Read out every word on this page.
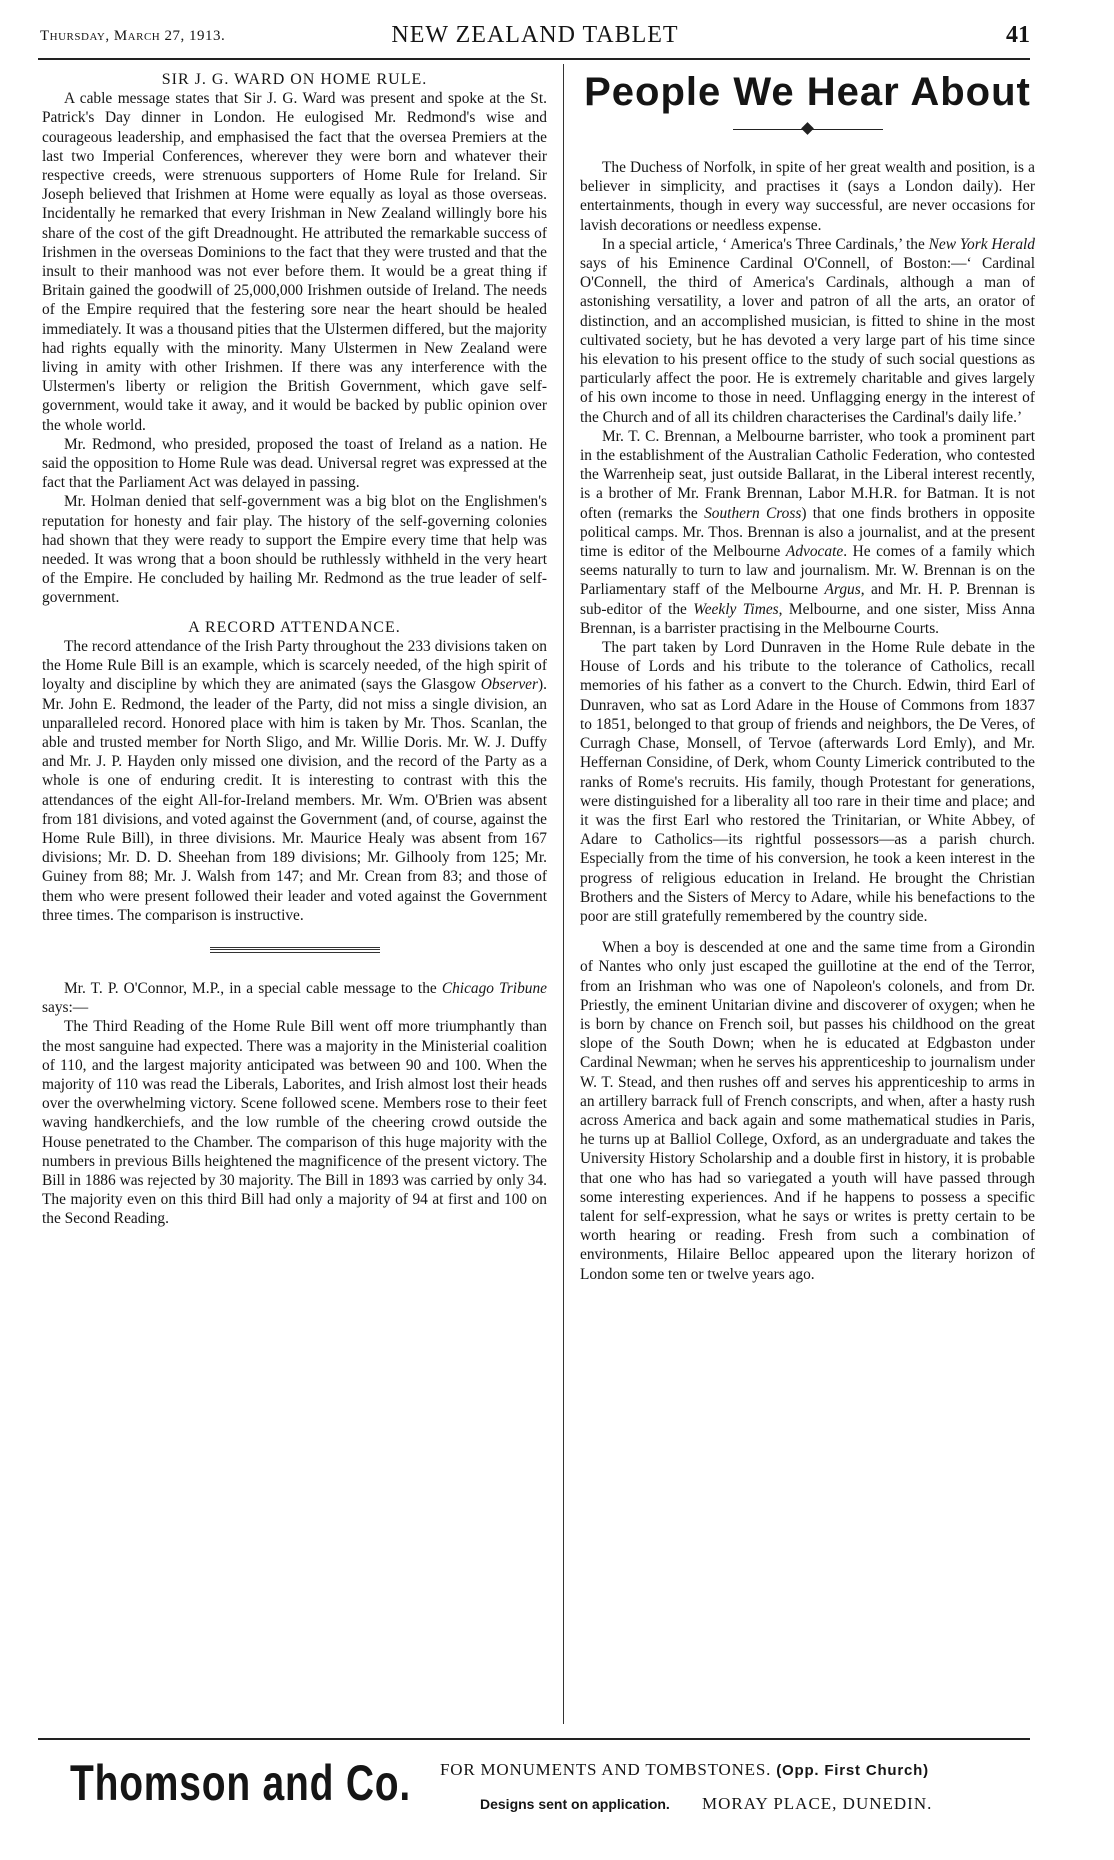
Thursday, March 27, 1913.	NEW ZEALAND TABLET	41

SIR J. G. WARD ON HOME RULE.

A cable message states that Sir J. G. Ward was present and spoke at the St. Patrick's Day dinner in London. He eulogised Mr. Redmond's wise and courageous leadership, and emphasised the fact that the oversea Premiers at the last two Imperial Conferences, wherever they were born and whatever their respective creeds, were strenuous supporters of Home Rule for Ireland. Sir Joseph believed that Irishmen at Home were equally as loyal as those overseas. Incidentally he remarked that every Irishman in New Zealand willingly bore his share of the cost of the gift Dreadnought. He attributed the remarkable success of Irishmen in the overseas Dominions to the fact that they were trusted and that the insult to their manhood was not ever before them. It would be a great thing if Britain gained the goodwill of 25,000,000 Irishmen outside of Ireland. The needs of the Empire required that the festering sore near the heart should be healed immediately. It was a thousand pities that the Ulstermen differed, but the majority had rights equally with the minority. Many Ulstermen in New Zealand were living in amity with other Irishmen. If there was any interference with the Ulstermen's liberty or religion the British Government, which gave self-government, would take it away, and it would be backed by public opinion over the whole world.

Mr. Redmond, who presided, proposed the toast of Ireland as a nation. He said the opposition to Home Rule was dead. Universal regret was expressed at the fact that the Parliament Act was delayed in passing.

Mr. Holman denied that self-government was a big blot on the Englishmen's reputation for honesty and fair play. The history of the self-governing colonies had shown that they were ready to support the Empire every time that help was needed. It was wrong that a boon should be ruthlessly withheld in the very heart of the Empire. He concluded by hailing Mr. Redmond as the true leader of self-government.

A RECORD ATTENDANCE.

The record attendance of the Irish Party throughout the 233 divisions taken on the Home Rule Bill is an example, which is scarcely needed, of the high spirit of loyalty and discipline by which they are animated (says the Glasgow Observer). Mr. John E. Redmond, the leader of the Party, did not miss a single division, an unparalleled record. Honored place with him is taken by Mr. Thos. Scanlan, the able and trusted member for North Sligo, and Mr. Willie Doris. Mr. W. J. Duffy and Mr. J. P. Hayden only missed one division, and the record of the Party as a whole is one of enduring credit. It is interesting to contrast with this the attendances of the eight All-for-Ireland members. Mr. Wm. O'Brien was absent from 181 divisions, and voted against the Government (and, of course, against the Home Rule Bill), in three divisions. Mr. Maurice Healy was absent from 167 divisions; Mr. D. D. Sheehan from 189 divisions; Mr. Gilhooly from 125; Mr. Guiney from 88; Mr. J. Walsh from 147; and Mr. Crean from 83; and those of them who were present followed their leader and voted against the Government three times. The comparison is instructive.

Mr. T. P. O'Connor, M.P., in a special cable message to the Chicago Tribune says:—

The Third Reading of the Home Rule Bill went off more triumphantly than the most sanguine had expected. There was a majority in the Ministerial coalition of 110, and the largest majority anticipated was between 90 and 100. When the majority of 110 was read the Liberals, Laborites, and Irish almost lost their heads over the overwhelming victory. Scene followed scene. Members rose to their feet waving handkerchiefs, and the low rumble of the cheering crowd outside the House penetrated to the Chamber. The comparison of this huge majority with the numbers in previous Bills heightened the magnificence of the present victory. The Bill in 1886 was rejected by 30 majority. The Bill in 1893 was carried by only 34. The majority even on this third Bill had only a majority of 94 at first and 100 on the Second Reading.

People We Hear About

The Duchess of Norfolk, in spite of her great wealth and position, is a believer in simplicity, and practises it (says a London daily). Her entertainments, though in every way successful, are never occasions for lavish decorations or needless expense.

In a special article, ‘ America's Three Cardinals,’ the New York Herald says of his Eminence Cardinal O'Connell, of Boston:—‘ Cardinal O'Connell, the third of America's Cardinals, although a man of astonishing versatility, a lover and patron of all the arts, an orator of distinction, and an accomplished musician, is fitted to shine in the most cultivated society, but he has devoted a very large part of his time since his elevation to his present office to the study of such social questions as particularly affect the poor. He is extremely charitable and gives largely of his own income to those in need. Unflagging energy in the interest of the Church and of all its children characterises the Cardinal's daily life.’

Mr. T. C. Brennan, a Melbourne barrister, who took a prominent part in the establishment of the Australian Catholic Federation, who contested the Warrenheip seat, just outside Ballarat, in the Liberal interest recently, is a brother of Mr. Frank Brennan, Labor M.H.R. for Batman. It is not often (remarks the Southern Cross) that one finds brothers in opposite political camps. Mr. Thos. Brennan is also a journalist, and at the present time is editor of the Melbourne Advocate. He comes of a family which seems naturally to turn to law and journalism. Mr. W. Brennan is on the Parliamentary staff of the Melbourne Argus, and Mr. H. P. Brennan is sub-editor of the Weekly Times, Melbourne, and one sister, Miss Anna Brennan, is a barrister practising in the Melbourne Courts.

The part taken by Lord Dunraven in the Home Rule debate in the House of Lords and his tribute to the tolerance of Catholics, recall memories of his father as a convert to the Church. Edwin, third Earl of Dunraven, who sat as Lord Adare in the House of Commons from 1837 to 1851, belonged to that group of friends and neighbors, the De Veres, of Curragh Chase, Monsell, of Tervoe (afterwards Lord Emly), and Mr. Heffernan Considine, of Derk, whom County Limerick contributed to the ranks of Rome's recruits. His family, though Protestant for generations, were distinguished for a liberality all too rare in their time and place; and it was the first Earl who restored the Trinitarian, or White Abbey, of Adare to Catholics—its rightful possessors—as a parish church. Especially from the time of his conversion, he took a keen interest in the progress of religious education in Ireland. He brought the Christian Brothers and the Sisters of Mercy to Adare, while his benefactions to the poor are still gratefully remembered by the country side.

When a boy is descended at one and the same time from a Girondin of Nantes who only just escaped the guillotine at the end of the Terror, from an Irishman who was one of Napoleon's colonels, and from Dr. Priestly, the eminent Unitarian divine and discoverer of oxygen; when he is born by chance on French soil, but passes his childhood on the great slope of the South Down; when he is educated at Edgbaston under Cardinal Newman; when he serves his apprenticeship to journalism under W. T. Stead, and then rushes off and serves his apprenticeship to arms in an artillery barrack full of French conscripts, and when, after a hasty rush across America and back again and some mathematical studies in Paris, he turns up at Balliol College, Oxford, as an undergraduate and takes the University History Scholarship and a double first in history, it is probable that one who has had so variegated a youth will have passed through some interesting experiences. And if he happens to possess a specific talent for self-expression, what he says or writes is pretty certain to be worth hearing or reading. Fresh from such a combination of environments, Hilaire Belloc appeared upon the literary horizon of London some ten or twelve years ago.

Thomson and Co. FOR MONUMENTS AND TOMBSTONES. (Opp. First Church)
Designs sent on application. MORAY PLACE, DUNEDIN.
